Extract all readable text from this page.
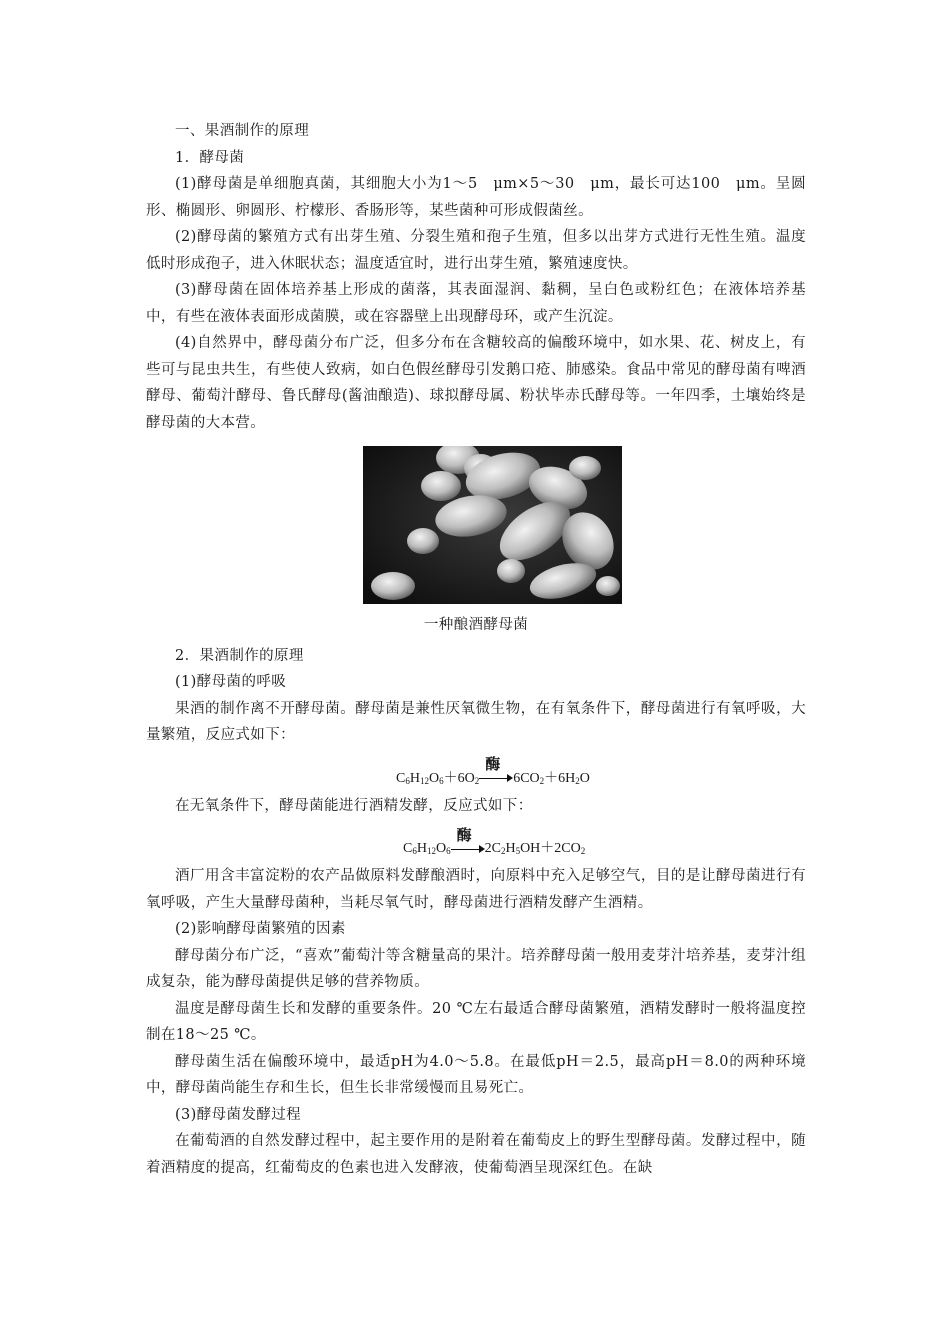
一、果酒制作的原理

1．酵母菌

(1)酵母菌是单细胞真菌，其细胞大小为1～5　μm×5～30　μm，最长可达100　μm。呈圆形、椭圆形、卵圆形、柠檬形、香肠形等，某些菌种可形成假菌丝。

(2)酵母菌的繁殖方式有出芽生殖、分裂生殖和孢子生殖，但多以出芽方式进行无性生殖。温度低时形成孢子，进入休眠状态；温度适宜时，进行出芽生殖，繁殖速度快。

(3)酵母菌在固体培养基上形成的菌落，其表面湿润、黏稠，呈白色或粉红色；在液体培养基中，有些在液体表面形成菌膜，或在容器壁上出现酵母环，或产生沉淀。

(4)自然界中，酵母菌分布广泛，但多分布在含糖较高的偏酸环境中，如水果、花、树皮上，有些可与昆虫共生，有些使人致病，如白色假丝酵母引发鹅口疮、肺感染。食品中常见的酵母菌有啤酒酵母、葡萄汁酵母、鲁氏酵母(酱油酿造)、球拟酵母属、粉状毕赤氏酵母等。一年四季，土壤始终是酵母菌的大本营。

一种酿酒酵母菌

2．果酒制作的原理

(1)酵母菌的呼吸

果酒的制作离不开酵母菌。酵母菌是兼性厌氧微生物，在有氧条件下，酵母菌进行有氧呼吸，大量繁殖，反应式如下：

$C_6H_{12}O_6+6O_2$
酶
$6CO_2+6H_2O$

在无氧条件下，酵母菌能进行酒精发酵，反应式如下：

$C_6H_{12}O_6$
酶
$2C_2H_5OH+2CO_2$

酒厂用含丰富淀粉的农产品做原料发酵酿酒时，向原料中充入足够空气，目的是让酵母菌进行有氧呼吸，产生大量酵母菌种，当耗尽氧气时，酵母菌进行酒精发酵产生酒精。

(2)影响酵母菌繁殖的因素

酵母菌分布广泛，“喜欢”葡萄汁等含糖量高的果汁。培养酵母菌一般用麦芽汁培养基，麦芽汁组成复杂，能为酵母菌提供足够的营养物质。

温度是酵母菌生长和发酵的重要条件。20 ℃左右最适合酵母菌繁殖，酒精发酵时一般将温度控制在18～25 ℃。

酵母菌生活在偏酸环境中，最适pH为4.0～5.8。在最低pH＝2.5，最高pH＝8.0的两种环境中，酵母菌尚能生存和生长，但生长非常缓慢而且易死亡。

(3)酵母菌发酵过程

在葡萄酒的自然发酵过程中，起主要作用的是附着在葡萄皮上的野生型酵母菌。发酵过程中，随着酒精度的提高，红葡萄皮的色素也进入发酵液，使葡萄酒呈现深红色。在缺
